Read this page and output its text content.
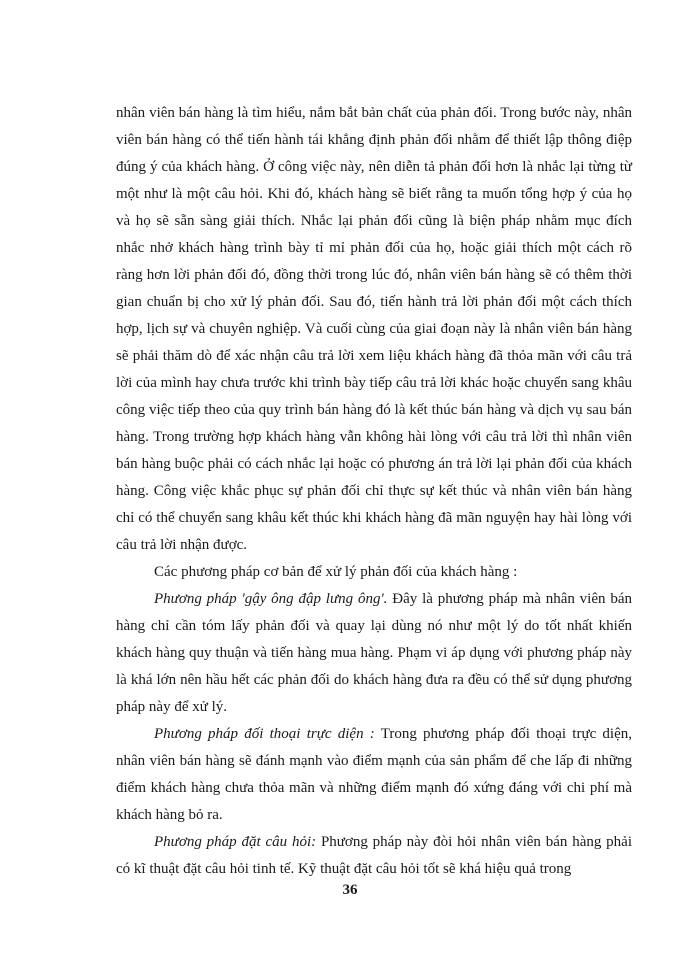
nhân viên bán hàng là tìm hiểu, nắm bắt bản chất của phản đối. Trong bước này, nhân viên bán hàng có thể tiến hành tái khẳng định phản đối nhằm để thiết lập thông điệp đúng ý của khách hàng. Ở công việc này, nên diễn tả phản đối hơn là nhắc lại từng từ một như là một câu hỏi. Khi đó, khách hàng sẽ biết rằng ta muốn tổng hợp ý của họ và họ sẽ sẵn sàng giải thích. Nhắc lại phản đối cũng là biện pháp nhằm mục đích nhắc nhở khách hàng trình bày tỉ mỉ phản đối của họ, hoặc giải thích một cách rõ ràng hơn lời phản đối đó, đồng thời trong lúc đó, nhân viên bán hàng sẽ có thêm thời gian chuẩn bị cho xử lý phản đối. Sau đó, tiến hành trả lời phản đối một cách thích hợp, lịch sự và chuyên nghiệp. Và cuối cùng của giai đoạn này là nhân viên bán hàng sẽ phải thăm dò để xác nhận câu trả lời xem liệu khách hàng đã thỏa mãn với câu trả lời của mình hay chưa trước khi trình bày tiếp câu trả lời khác hoặc chuyển sang khâu công việc tiếp theo của quy trình bán hàng đó là kết thúc bán hàng và dịch vụ sau bán hàng. Trong trường hợp khách hàng vẫn không hài lòng với câu trả lời thì nhân viên bán hàng buộc phải có cách nhắc lại hoặc có phương án trả lời lại phản đối của khách hàng. Công việc khắc phục sự phản đối chỉ thực sự kết thúc và nhân viên bán hàng chỉ có thể chuyển sang khâu kết thúc khi khách hàng đã mãn nguyện hay hài lòng với câu trả lời nhận được.

Các phương pháp cơ bản để xử lý phản đối của khách hàng :

Phương pháp 'gậy ông đập lưng ông'. Đây là phương pháp mà nhân viên bán hàng chỉ cần tóm lấy phản đối và quay lại dùng nó như một lý do tốt nhất khiến khách hàng quy thuận và tiến hàng mua hàng. Phạm vi áp dụng với phương pháp này là khá lớn nên hầu hết các phản đối do khách hàng đưa ra đều có thể sử dụng phương pháp này để xử lý.

Phương pháp đối thoại trực diện : Trong phương pháp đối thoại trực diện, nhân viên bán hàng sẽ đánh mạnh vào điểm mạnh của sản phẩm để che lấp đi những điểm khách hàng chưa thỏa mãn và những điểm mạnh đó xứng đáng với chi phí mà khách hàng bỏ ra.

Phương pháp đặt câu hỏi: Phương pháp này đòi hỏi nhân viên bán hàng phải có kĩ thuật đặt câu hỏi tinh tế. Kỹ thuật đặt câu hỏi tốt sẽ khá hiệu quả trong

36
